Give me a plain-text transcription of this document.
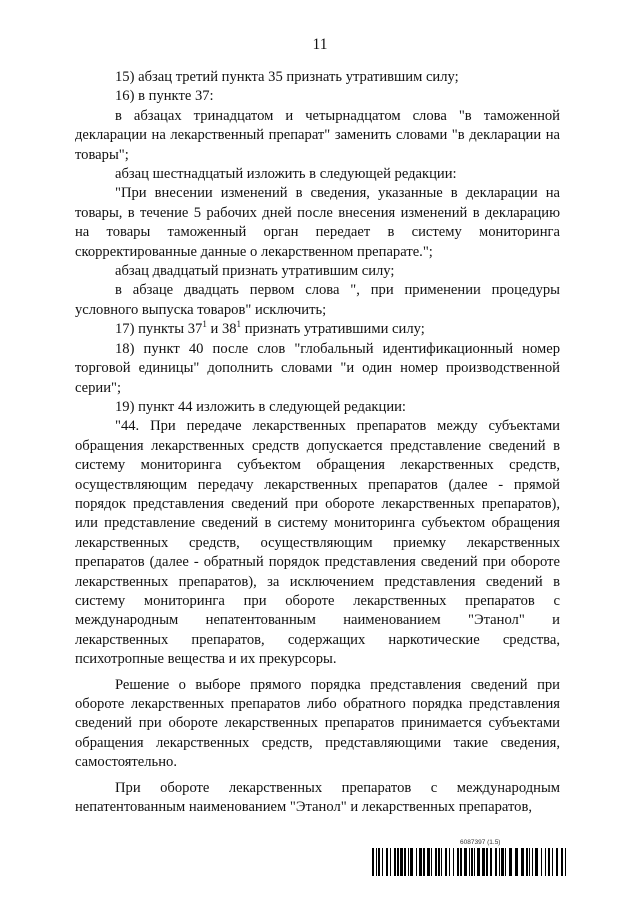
11

15) абзац третий пункта 35 признать утратившим силу;

16) в пункте 37:

в абзацах тринадцатом и четырнадцатом слова "в таможенной декларации на лекарственный препарат" заменить словами "в декларации на товары";

абзац шестнадцатый изложить в следующей редакции:

"При внесении изменений в сведения, указанные в декларации на товары, в течение 5 рабочих дней после внесения изменений в декларацию на товары таможенный орган передает в систему мониторинга скорректированные данные о лекарственном препарате.";

абзац двадцатый признать утратившим силу;

в абзаце двадцать первом слова ", при применении процедуры условного выпуска товаров" исключить;

17) пункты $37^1$ и $38^1$ признать утратившими силу;

18) пункт 40 после слов "глобальный идентификационный номер торговой единицы" дополнить словами "и один номер производственной серии";

19) пункт 44 изложить в следующей редакции:

"44. При передаче лекарственных препаратов между субъектами обращения лекарственных средств допускается представление сведений в систему мониторинга субъектом обращения лекарственных средств, осуществляющим передачу лекарственных препаратов (далее - прямой порядок представления сведений при обороте лекарственных препаратов), или представление сведений в систему мониторинга субъектом обращения лекарственных средств, осуществляющим приемку лекарственных препаратов (далее - обратный порядок представления сведений при обороте лекарственных препаратов), за исключением представления сведений в систему мониторинга при обороте лекарственных препаратов с международным непатентованным наименованием "Этанол" и лекарственных препаратов, содержащих наркотические средства, психотропные вещества и их прекурсоры.

Решение о выборе прямого порядка представления сведений при обороте лекарственных препаратов либо обратного порядка представления сведений при обороте лекарственных препаратов принимается субъектами обращения лекарственных средств, представляющими такие сведения, самостоятельно.

При обороте лекарственных препаратов с международным непатентованным наименованием "Этанол" и лекарственных препаратов,

6087397 (1.5)
